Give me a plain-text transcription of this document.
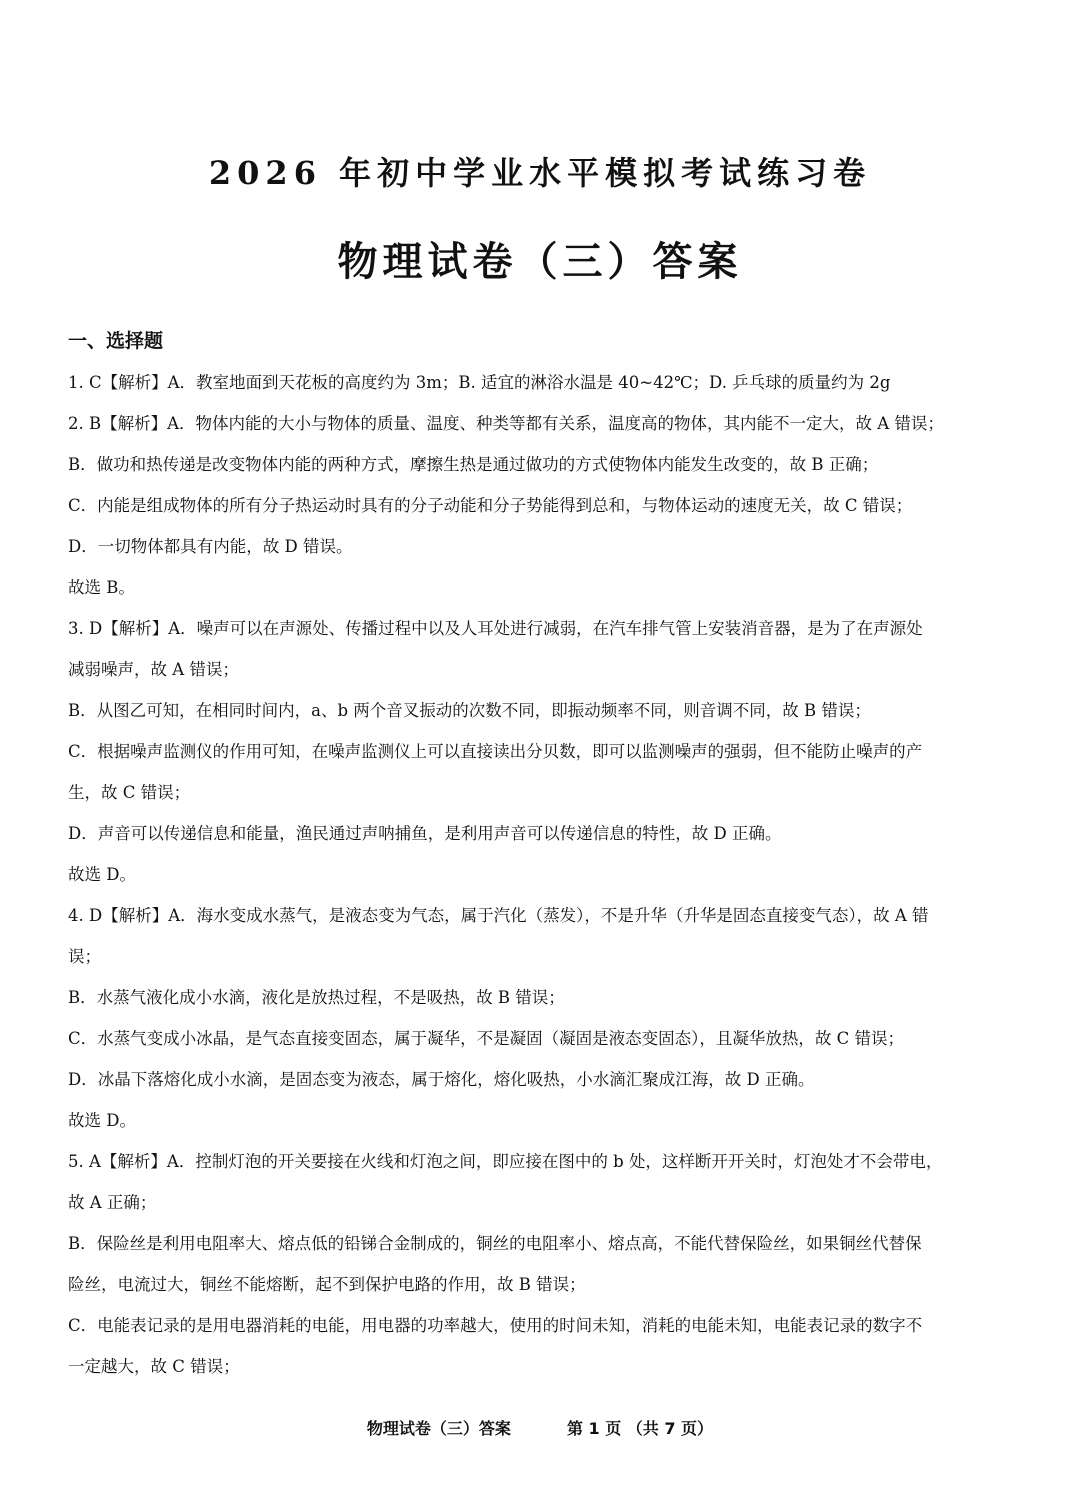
2026 年初中学业水平模拟考试练习卷
物理试卷（三）答案
一、选择题
1. C【解析】A．教室地面到天花板的高度约为 3m；B. 适宜的淋浴水温是 40~42℃；D. 乒乓球的质量约为 2g
2. B【解析】A．物体内能的大小与物体的质量、温度、种类等都有关系，温度高的物体，其内能不一定大，故 A 错误；
B．做功和热传递是改变物体内能的两种方式，摩擦生热是通过做功的方式使物体内能发生改变的，故 B 正确；
C．内能是组成物体的所有分子热运动时具有的分子动能和分子势能得到总和，与物体运动的速度无关，故 C 错误；
D．一切物体都具有内能，故 D 错误。
故选 B。
3. D【解析】A．噪声可以在声源处、传播过程中以及人耳处进行减弱，在汽车排气管上安装消音器，是为了在声源处
减弱噪声，故 A 错误；
B．从图乙可知，在相同时间内，a、b 两个音叉振动的次数不同，即振动频率不同，则音调不同，故 B 错误；
C．根据噪声监测仪的作用可知，在噪声监测仪上可以直接读出分贝数，即可以监测噪声的强弱，但不能防止噪声的产
生，故 C 错误；
D．声音可以传递信息和能量，渔民通过声呐捕鱼，是利用声音可以传递信息的特性，故 D 正确。
故选 D。
4. D【解析】A．海水变成水蒸气，是液态变为气态，属于汽化（蒸发），不是升华（升华是固态直接变气态），故 A 错
误；
B．水蒸气液化成小水滴，液化是放热过程，不是吸热，故 B 错误；
C．水蒸气变成小冰晶，是气态直接变固态，属于凝华，不是凝固（凝固是液态变固态），且凝华放热，故 C 错误；
D．冰晶下落熔化成小水滴，是固态变为液态，属于熔化，熔化吸热，小水滴汇聚成江海，故 D 正确。
故选 D。
5. A【解析】A．控制灯泡的开关要接在火线和灯泡之间，即应接在图中的 b 处，这样断开开关时，灯泡处才不会带电，
故 A 正确；
B．保险丝是利用电阻率大、熔点低的铅锑合金制成的，铜丝的电阻率小、熔点高，不能代替保险丝，如果铜丝代替保
险丝，电流过大，铜丝不能熔断，起不到保护电路的作用，故 B 错误；
C．电能表记录的是用电器消耗的电能，用电器的功率越大，使用的时间未知，消耗的电能未知，电能表记录的数字不
一定越大，故 C 错误；
物理试卷（三）答案	第 1 页 （共 7 页）
